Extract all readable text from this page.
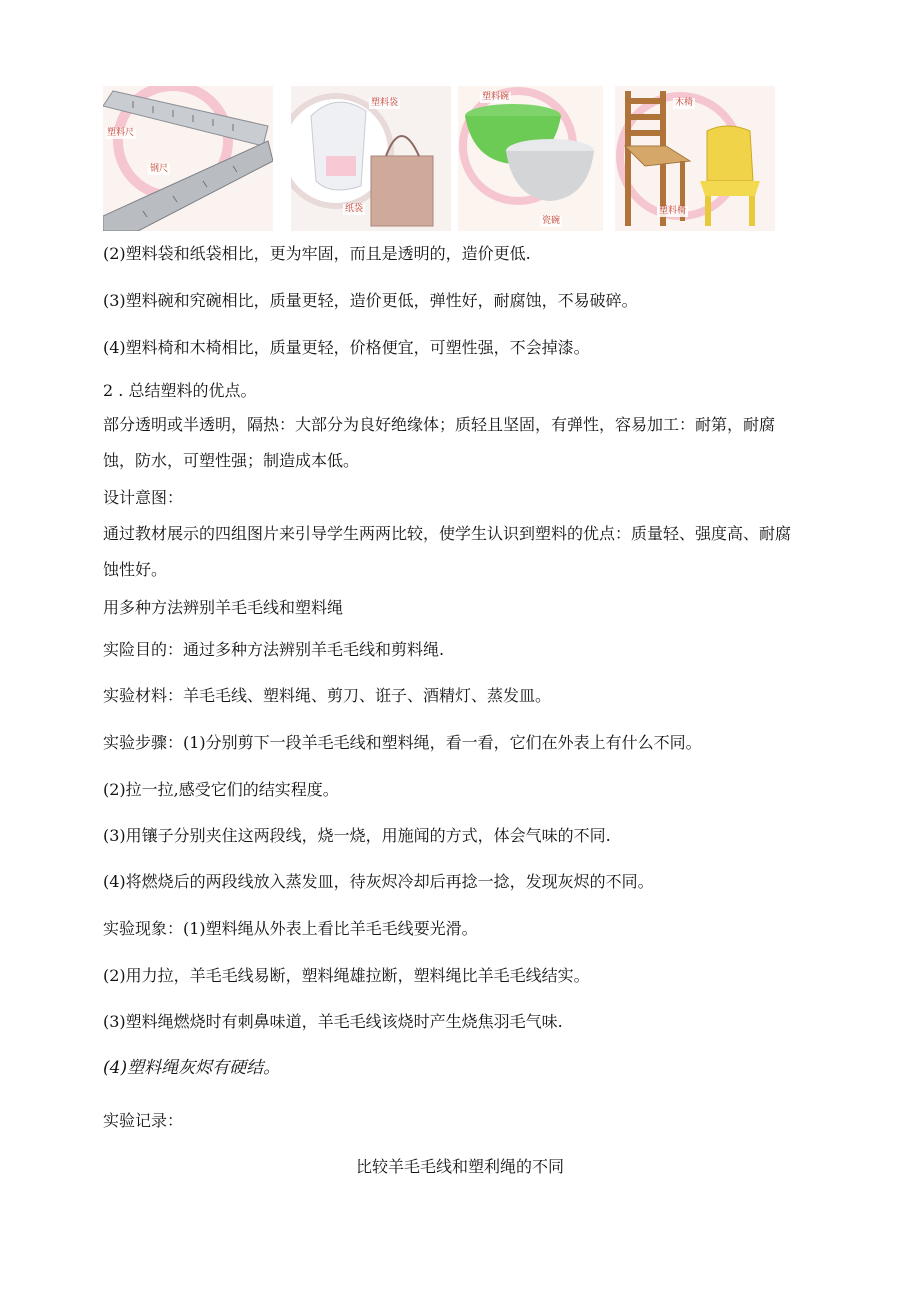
塑料尺
钢尺
塑料袋
纸袋
塑料碗
瓷碗
木椅
塑料椅
(2)塑料袋和纸袋相比，更为牢固，而且是透明的，造价更低.
(3)塑料碗和究碗相比，质量更轻，造价更低，弹性好，耐腐蚀，不易破碎。
(4)塑料椅和木椅相比，质量更轻，价格便宜，可塑性强，不会掉漆。
2 . 总结塑料的优点。
部分透明或半透明，隔热：大部分为良好绝缘体；质轻且坚固，有弹性，容易加工：耐第，耐腐蚀，防水，可塑性强；制造成本低。
设计意图：
通过教材展示的四组图片来引导学生两两比较，使学生认识到塑料的优点：质量轻、强度高、耐腐蚀性好。
用多种方法辨别羊毛毛线和塑料绳
实险目的：通过多种方法辨别羊毛毛线和剪料绳.
实验材料：羊毛毛线、塑料绳、剪刀、诳子、酒精灯、蒸发皿。
实验步骤：(1)分别剪下一段羊毛毛线和塑料绳，看一看，它们在外表上有什么不同。
(2)拉一拉,感受它们的结实程度。
(3)用镶子分别夹住这两段线，烧一烧，用施闻的方式，体会气味的不同.
(4)将燃烧后的两段线放入蒸发皿，待灰烬冷却后再捻一捻，发现灰烬的不同。
实验现象：(1)塑料绳从外表上看比羊毛毛线要光滑。
(2)用力拉，羊毛毛线易断，塑料绳雄拉断，塑料绳比羊毛毛线结实。
(3)塑料绳燃烧时有刺鼻味道，羊毛毛线该烧时产生烧焦羽毛气味.
(4)塑料绳灰烬有硬结。
实验记录：
比较羊毛毛线和塑利绳的不同
